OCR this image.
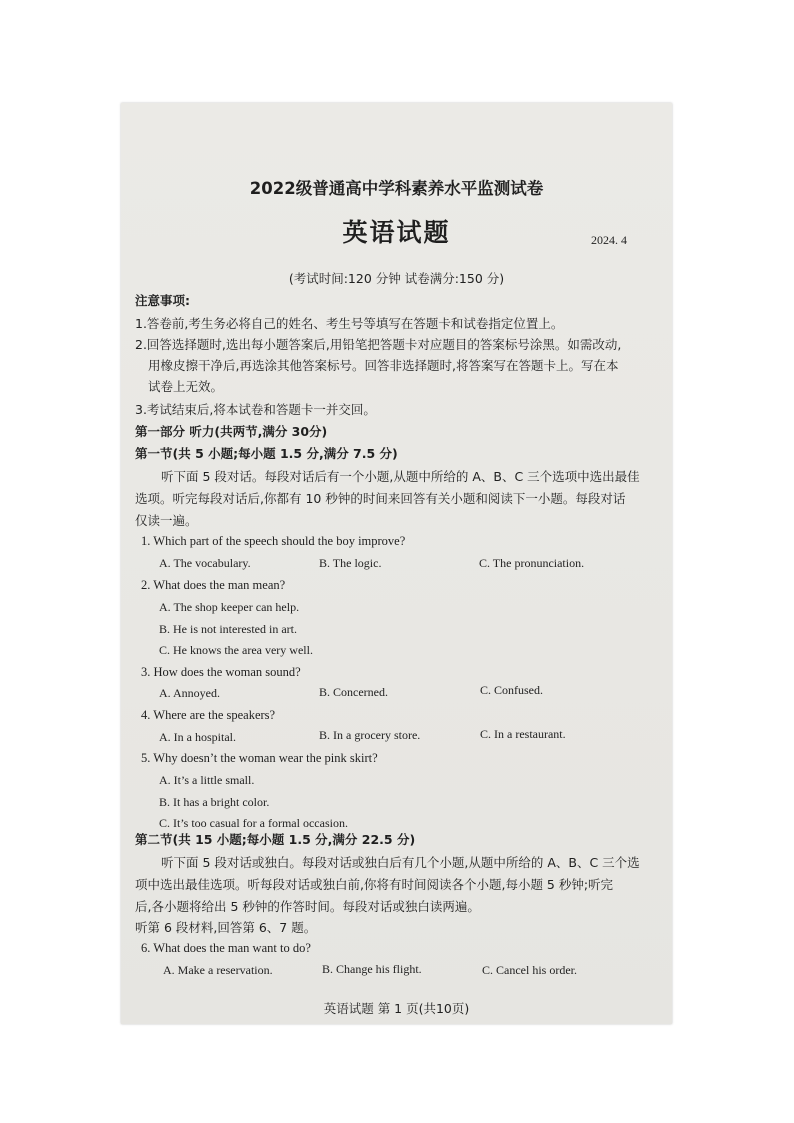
2022级普通高中学科素养水平监测试卷
英语试题	2024. 4
(考试时间:120 分钟 试卷满分:150 分)
注意事项:
1.答卷前,考生务必将自己的姓名、考生号等填写在答题卡和试卷指定位置上。
2.回答选择题时,选出每小题答案后,用铅笔把答题卡对应题目的答案标号涂黑。如需改动,
用橡皮擦干净后,再选涂其他答案标号。回答非选择题时,将答案写在答题卡上。写在本
试卷上无效。
3.考试结束后,将本试卷和答题卡一并交回。
第一部分 听力(共两节,满分 30分)
第一节(共 5 小题;每小题 1.5 分,满分 7.5 分)
听下面 5 段对话。每段对话后有一个小题,从题中所给的 A、B、C 三个选项中选出最佳
选项。听完每段对话后,你都有 10 秒钟的时间来回答有关小题和阅读下一小题。每段对话
仅读一遍。
1. Which part of the speech should the boy improve?
A. The vocabulary.	B. The logic.	C. The pronunciation.
2. What does the man mean?
A. The shop keeper can help.
B. He is not interested in art.
C. He knows the area very well.
3. How does the woman sound?
A. Annoyed.	B. Concerned.	C. Confused.
4. Where are the speakers?
A. In a hospital.	B. In a grocery store.	C. In a restaurant.
5. Why doesn’t the woman wear the pink skirt?
A. It’s a little small.
B. It has a bright color.
C. It’s too casual for a formal occasion.
第二节(共 15 小题;每小题 1.5 分,满分 22.5 分)
听下面 5 段对话或独白。每段对话或独白后有几个小题,从题中所给的 A、B、C 三个选
项中选出最佳选项。听每段对话或独白前,你将有时间阅读各个小题,每小题 5 秒钟;听完
后,各小题将给出 5 秒钟的作答时间。每段对话或独白读两遍。
听第 6 段材料,回答第 6、7 题。
6. What does the man want to do?
A. Make a reservation.	B. Change his flight.	C. Cancel his order.
英语试题 第 1 页(共10页)
